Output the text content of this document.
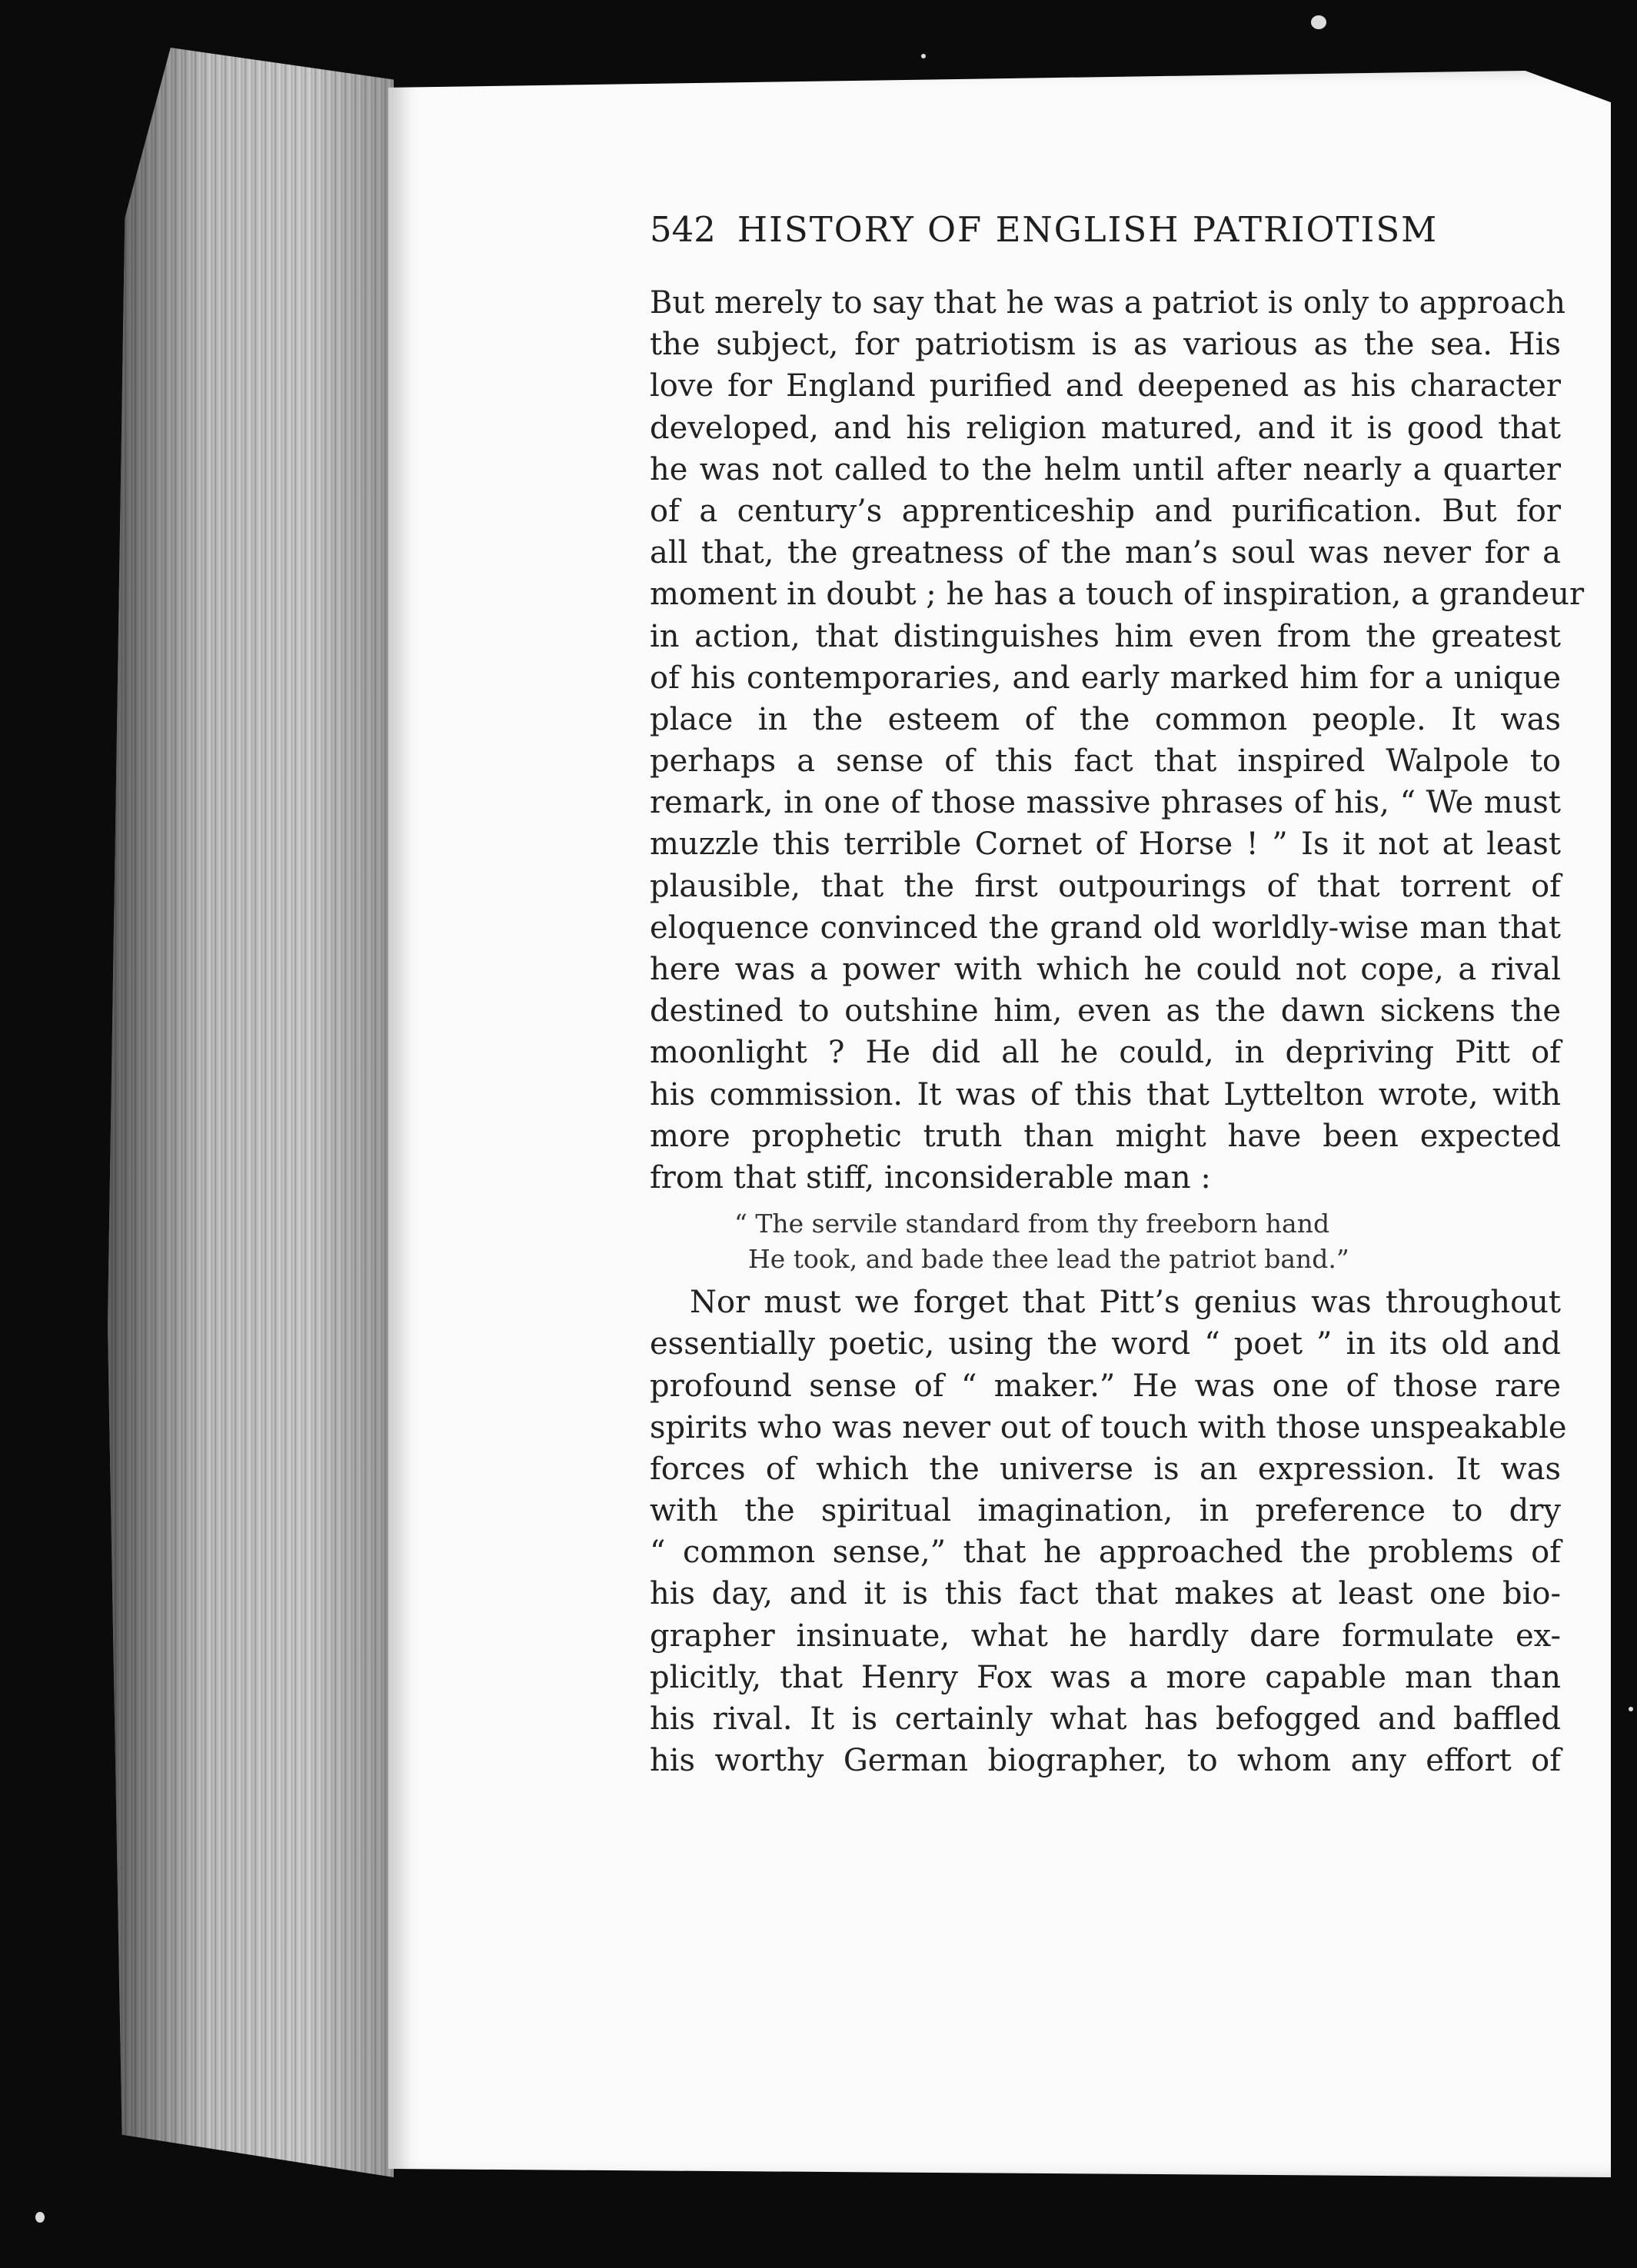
542 HISTORY OF ENGLISH PATRIOTISM
But merely to say that he was a patriot is only to approach
the subject, for patriotism is as various as the sea. His
love for England purified and deepened as his character
developed, and his religion matured, and it is good that
he was not called to the helm until after nearly a quarter
of a century’s apprenticeship and purification. But for
all that, the greatness of the man’s soul was never for a
moment in doubt ; he has a touch of inspiration, a grandeur
in action, that distinguishes him even from the greatest
of his contemporaries, and early marked him for a unique
place in the esteem of the common people. It was
perhaps a sense of this fact that inspired Walpole to
remark, in one of those massive phrases of his, “ We must
muzzle this terrible Cornet of Horse ! ” Is it not at least
plausible, that the first outpourings of that torrent of
eloquence convinced the grand old worldly-wise man that
here was a power with which he could not cope, a rival
destined to outshine him, even as the dawn sickens the
moonlight ? He did all he could, in depriving Pitt of
his commission. It was of this that Lyttelton wrote, with
more prophetic truth than might have been expected
from that stiff, inconsiderable man :
“ The servile standard from thy freeborn hand
He took, and bade thee lead the patriot band.”
Nor must we forget that Pitt’s genius was throughout
essentially poetic, using the word “ poet ” in its old and
profound sense of “ maker.” He was one of those rare
spirits who was never out of touch with those unspeakable
forces of which the universe is an expression. It was
with the spiritual imagination, in preference to dry
“ common sense,” that he approached the problems of
his day, and it is this fact that makes at least one bio-
grapher insinuate, what he hardly dare formulate ex-
plicitly, that Henry Fox was a more capable man than
his rival. It is certainly what has befogged and baffled
his worthy German biographer, to whom any effort of
